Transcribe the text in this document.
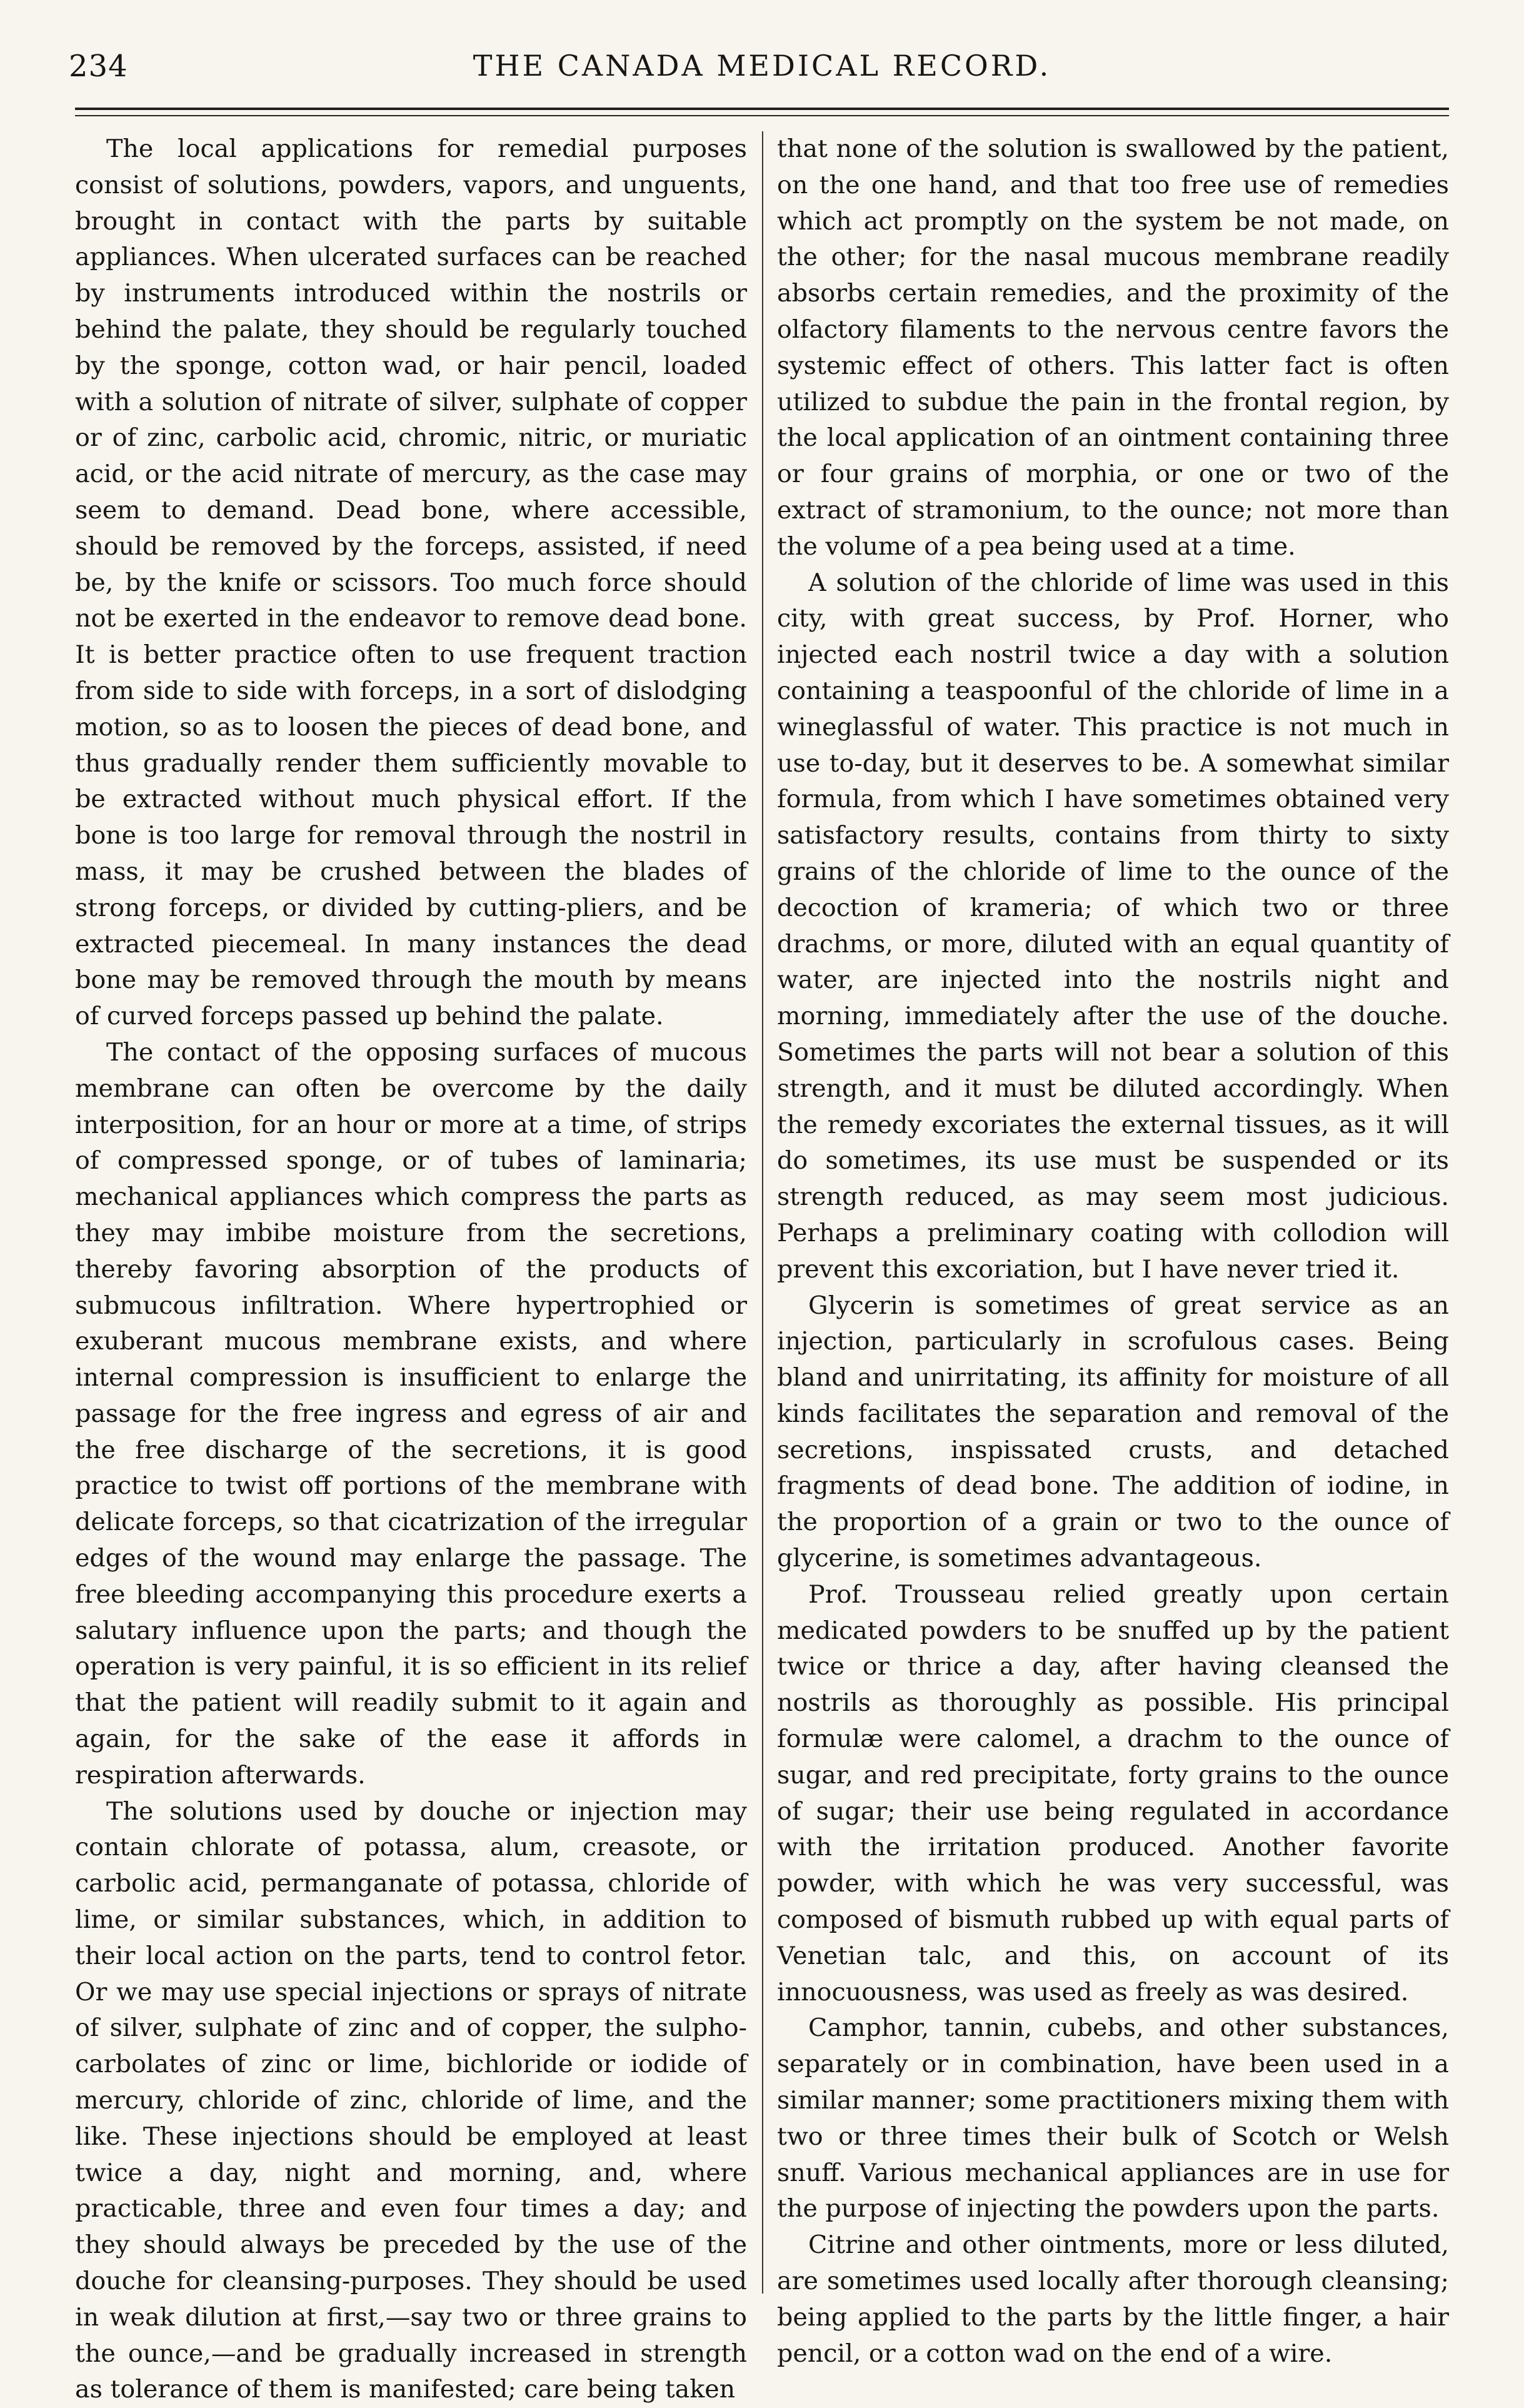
234	THE CANADA MEDICAL RECORD.

The local applications for remedial purposes consist of solutions, powders, vapors, and unguents, brought in contact with the parts by suitable appliances. When ulcerated surfaces can be reached by instruments introduced within the nostrils or behind the palate, they should be regularly touched by the sponge, cotton wad, or hair pencil, loaded with a solution of nitrate of silver, sulphate of copper or of zinc, carbolic acid, chromic, nitric, or muriatic acid, or the acid nitrate of mercury, as the case may seem to demand. Dead bone, where accessible, should be removed by the forceps, assisted, if need be, by the knife or scissors. Too much force should not be exerted in the endeavor to remove dead bone. It is better practice often to use frequent traction from side to side with forceps, in a sort of dislodging motion, so as to loosen the pieces of dead bone, and thus gradually render them sufficiently movable to be extracted without much physical effort. If the bone is too large for removal through the nostril in mass, it may be crushed between the blades of strong forceps, or divided by cutting-pliers, and be extracted piecemeal. In many instances the dead bone may be removed through the mouth by means of curved forceps passed up behind the palate.

The contact of the opposing surfaces of mucous membrane can often be overcome by the daily interposition, for an hour or more at a time, of strips of compressed sponge, or of tubes of laminaria; mechanical appliances which compress the parts as they may imbibe moisture from the secretions, thereby favoring absorption of the products of submucous infiltration. Where hypertrophied or exuberant mucous membrane exists, and where internal compression is insufficient to enlarge the passage for the free ingress and egress of air and the free discharge of the secretions, it is good practice to twist off portions of the membrane with delicate forceps, so that cicatrization of the irregular edges of the wound may enlarge the passage. The free bleeding accompanying this procedure exerts a salutary influence upon the parts; and though the operation is very painful, it is so efficient in its relief that the patient will readily submit to it again and again, for the sake of the ease it affords in respiration afterwards.

The solutions used by douche or injection may contain chlorate of potassa, alum, creasote, or carbolic acid, permanganate of potassa, chloride of lime, or similar substances, which, in addition to their local action on the parts, tend to control fetor. Or we may use special injections or sprays of nitrate of silver, sulphate of zinc and of copper, the sulpho-carbolates of zinc or lime, bichloride or iodide of mercury, chloride of zinc, chloride of lime, and the like. These injections should be employed at least twice a day, night and morning, and, where practicable, three and even four times a day; and they should always be preceded by the use of the douche for cleansing-purposes. They should be used in weak dilution at first,—say two or three grains to the ounce,—and be gradually increased in strength as tolerance of them is manifested; care being taken

that none of the solution is swallowed by the patient, on the one hand, and that too free use of remedies which act promptly on the system be not made, on the other; for the nasal mucous membrane readily absorbs certain remedies, and the proximity of the olfactory filaments to the nervous centre favors the systemic effect of others. This latter fact is often utilized to subdue the pain in the frontal region, by the local application of an ointment containing three or four grains of morphia, or one or two of the extract of stramonium, to the ounce; not more than the volume of a pea being used at a time.

A solution of the chloride of lime was used in this city, with great success, by Prof. Horner, who injected each nostril twice a day with a solution containing a teaspoonful of the chloride of lime in a wineglassful of water. This practice is not much in use to-day, but it deserves to be. A somewhat similar formula, from which I have sometimes obtained very satisfactory results, contains from thirty to sixty grains of the chloride of lime to the ounce of the decoction of krameria; of which two or three drachms, or more, diluted with an equal quantity of water, are injected into the nostrils night and morning, immediately after the use of the douche. Sometimes the parts will not bear a solution of this strength, and it must be diluted accordingly. When the remedy excoriates the external tissues, as it will do sometimes, its use must be suspended or its strength reduced, as may seem most judicious. Perhaps a preliminary coating with collodion will prevent this excoriation, but I have never tried it.

Glycerin is sometimes of great service as an injection, particularly in scrofulous cases. Being bland and unirritating, its affinity for moisture of all kinds facilitates the separation and removal of the secretions, inspissated crusts, and detached fragments of dead bone. The addition of iodine, in the proportion of a grain or two to the ounce of glycerine, is sometimes advantageous.

Prof. Trousseau relied greatly upon certain medicated powders to be snuffed up by the patient twice or thrice a day, after having cleansed the nostrils as thoroughly as possible. His principal formulæ were calomel, a drachm to the ounce of sugar, and red precipitate, forty grains to the ounce of sugar; their use being regulated in accordance with the irritation produced. Another favorite powder, with which he was very successful, was composed of bismuth rubbed up with equal parts of Venetian talc, and this, on account of its innocuousness, was used as freely as was desired.

Camphor, tannin, cubebs, and other substances, separately or in combination, have been used in a similar manner; some practitioners mixing them with two or three times their bulk of Scotch or Welsh snuff. Various mechanical appliances are in use for the purpose of injecting the powders upon the parts.

Citrine and other ointments, more or less diluted, are sometimes used locally after thorough cleansing; being applied to the parts by the little finger, a hair pencil, or a cotton wad on the end of a wire.
